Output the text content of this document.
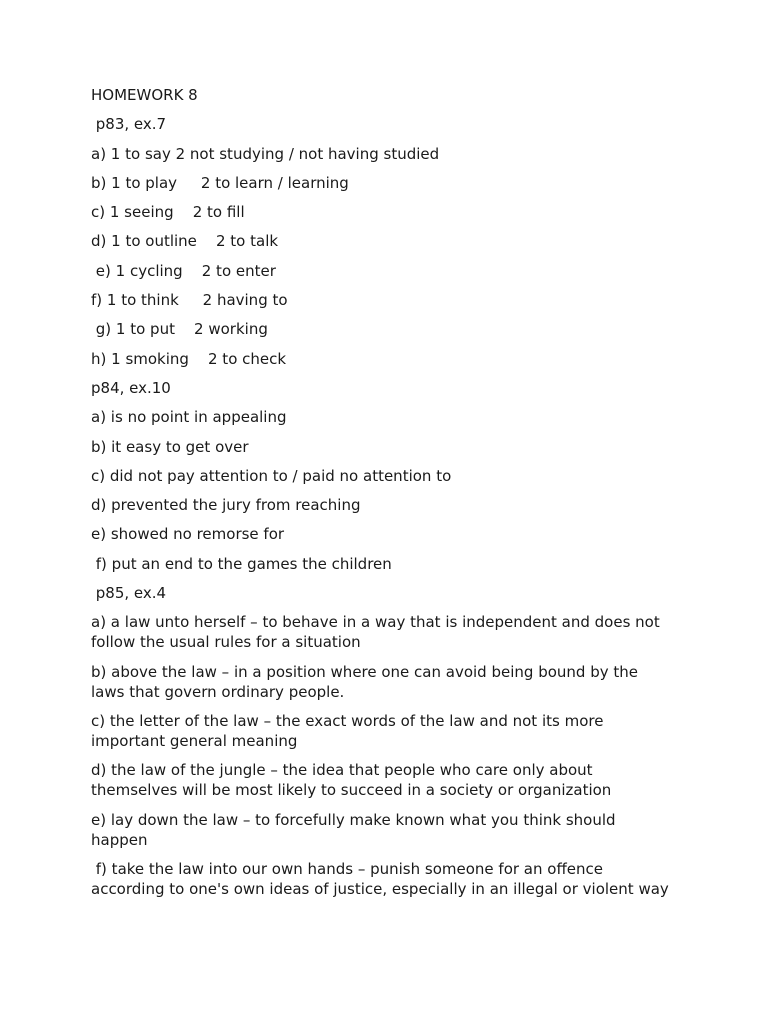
HOMEWORK 8
p83, ex.7
a) 1 to say 2 not studying / not having studied
b) 1 to play     2 to learn / learning
c) 1 seeing    2 to fill
d) 1 to outline    2 to talk
e) 1 cycling    2 to enter
f) 1 to think     2 having to
g) 1 to put    2 working
h) 1 smoking    2 to check
p84, ex.10
a) is no point in appealing
b) it easy to get over
c) did not pay attention to / paid no attention to
d) prevented the jury from reaching
e) showed no remorse for
f) put an end to the games the children
p85, ex.4
a) a law unto herself – to behave in a way that is independent and does not follow the usual rules for a situation
b) above the law – in a position where one can avoid being bound by the laws that govern ordinary people.
c) the letter of the law – the exact words of the law and not its more important general meaning
d) the law of the jungle – the idea that people who care only about themselves will be most likely to succeed in a society or organization
e) lay down the law – to forcefully make known what you think should happen
f) take the law into our own hands – punish someone for an offence according to one's own ideas of justice, especially in an illegal or violent way
